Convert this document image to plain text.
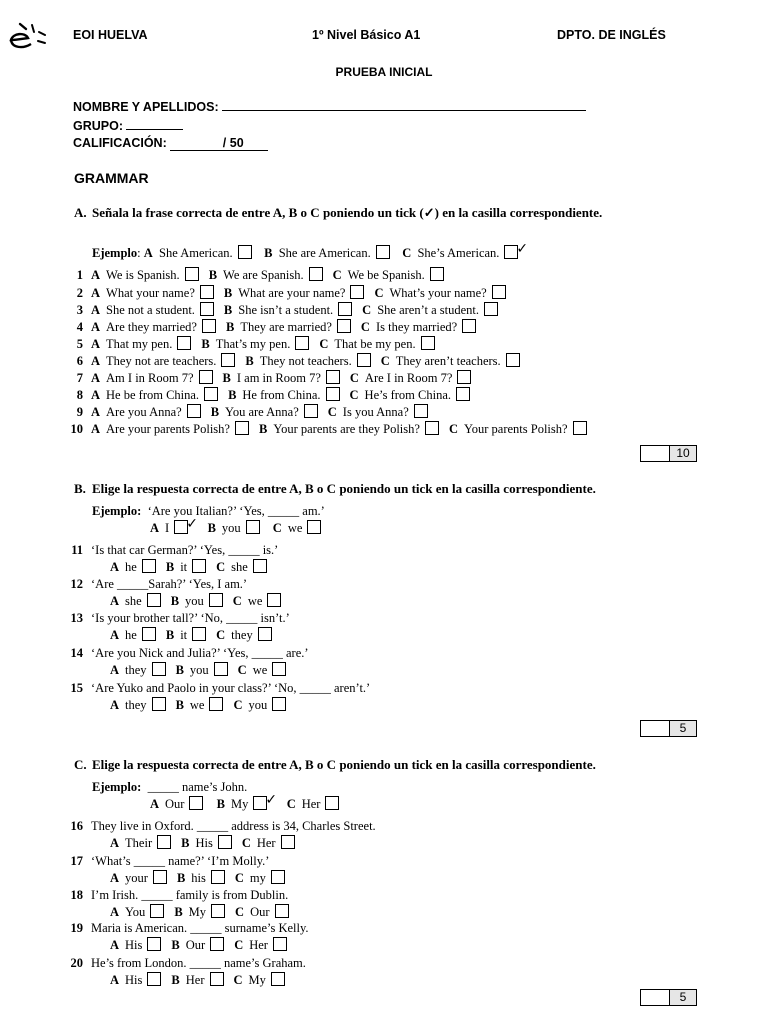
EOI HUELVA	1º Nivel Básico A1	DPTO. DE INGLÉS
PRUEBA INICIAL
NOMBRE Y APELLIDOS:
GRUPO:
CALIFICACIÓN:	/ 50
GRAMMAR
A. Señala la frase correcta de entre A, B o C poniendo un tick (✓) en la casilla correspondiente.
Ejemplo: A She American.	B She are American.	C She’s American. ✓
1 A We is Spanish. B We are Spanish. C We be Spanish.
2 A What your name? B What are your name? C What’s your name?
3 A She not a student. B She isn’t a student. C She aren’t a student.
4 A Are they married? B They are married? C Is they married?
5 A That my pen. B That’s my pen. C That be my pen.
6 A They not are teachers. B They not teachers. C They aren’t teachers.
7 A Am I in Room 7? B I am in Room 7? C Are I in Room 7?
8 A He be from China. B He from China. C He’s from China.
9 A Are you Anna? B You are Anna? C Is you Anna?
10 A Are your parents Polish? B Your parents are they Polish? C Your parents Polish?
10
B. Elige la respuesta correcta de entre A, B o C poniendo un tick en la casilla correspondiente.
Ejemplo: ‘Are you Italian?’ ‘Yes, _____ am.’
A I ✓ B you	C we
11 ‘Is that car German?’ ‘Yes, _____ is.’
A he B it C she
12 ‘Are _____Sarah?’ ‘Yes, I am.’
A she B you C we
13 ‘Is your brother tall?’ ‘No, _____ isn’t.’
A he B it C they
14 ‘Are you Nick and Julia?’ ‘Yes, _____ are.’
A they B you C we
15 ‘Are Yuko and Paolo in your class?’ ‘No, _____ aren’t.’
A they B we C you
5
C. Elige la respuesta correcta de entre A, B o C poniendo un tick en la casilla correspondiente.
Ejemplo: _____ name’s John.
A Our	B My ✓ C Her
16 They live in Oxford. _____ address is 34, Charles Street.
A Their B His C Her
17 ‘What’s _____ name?’ ‘I’m Molly.’
A your B his C my
18 I’m Irish. _____ family is from Dublin.
A You B My C Our
19 Maria is American. _____ surname’s Kelly.
A His B Our C Her
20 He’s from London. _____ name’s Graham.
A His B Her C My
5
